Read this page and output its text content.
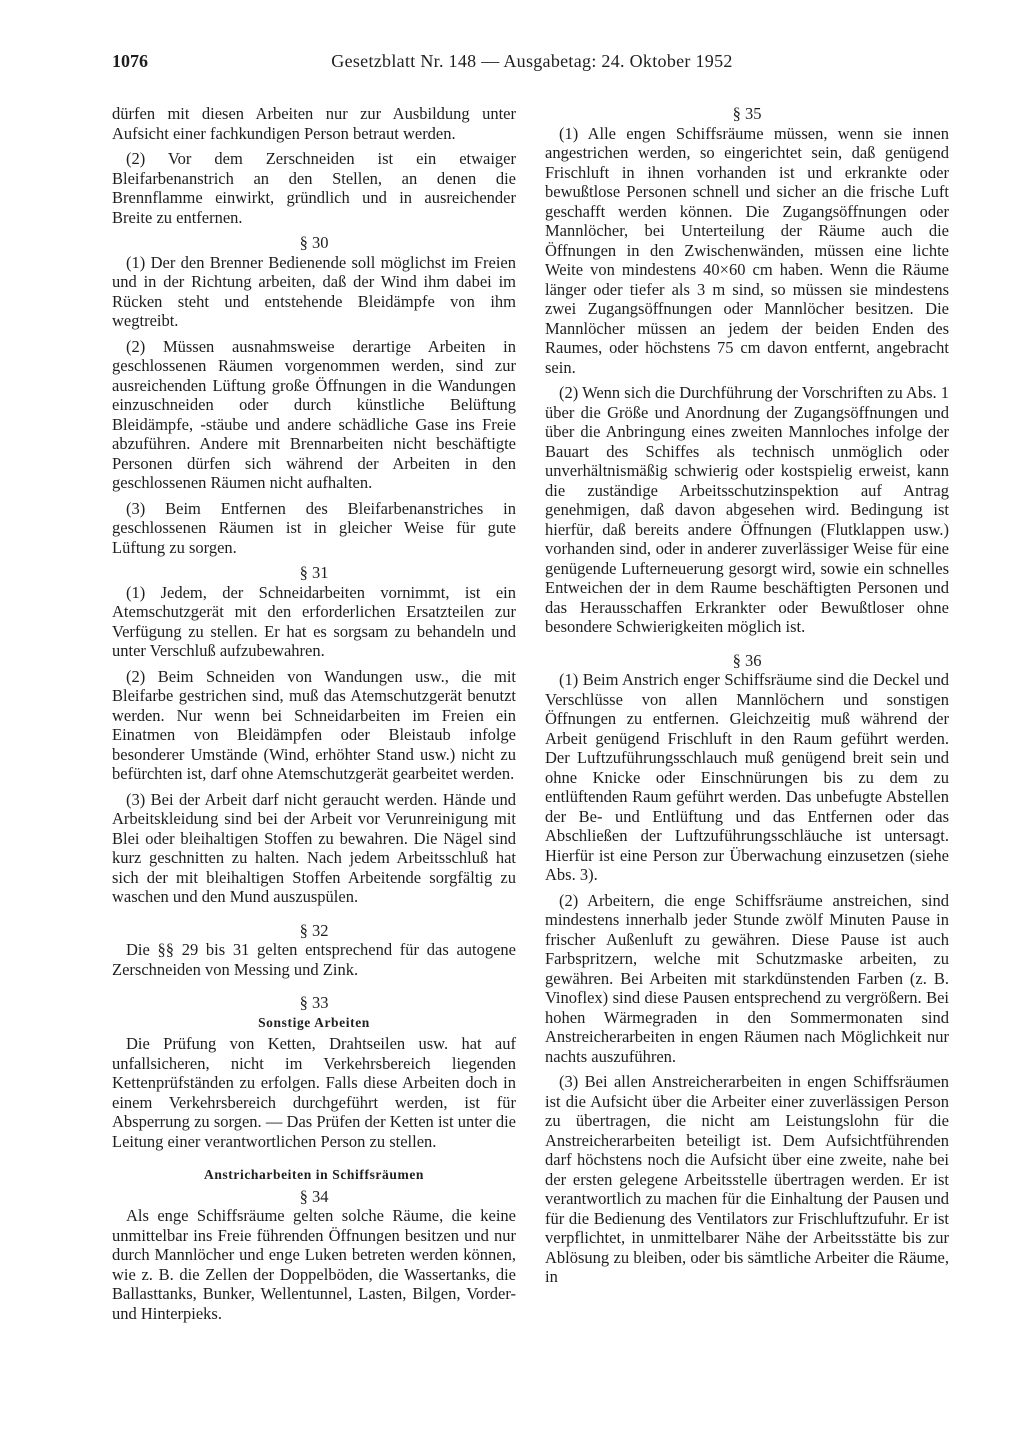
1076	Gesetzblatt Nr. 148 — Ausgabetag: 24. Oktober 1952

dürfen mit diesen Arbeiten nur zur Ausbildung unter Aufsicht einer fachkundigen Person betraut werden.

(2) Vor dem Zerschneiden ist ein etwaiger Bleifarbenanstrich an den Stellen, an denen die Brennflamme einwirkt, gründlich und in ausreichender Breite zu entfernen.

§ 30

(1) Der den Brenner Bedienende soll möglichst im Freien und in der Richtung arbeiten, daß der Wind ihm dabei im Rücken steht und entstehende Bleidämpfe von ihm wegtreibt.

(2) Müssen ausnahmsweise derartige Arbeiten in geschlossenen Räumen vorgenommen werden, sind zur ausreichenden Lüftung große Öffnungen in die Wandungen einzuschneiden oder durch künstliche Belüftung Bleidämpfe, -stäube und andere schädliche Gase ins Freie abzuführen. Andere mit Brennarbeiten nicht beschäftigte Personen dürfen sich während der Arbeiten in den geschlossenen Räumen nicht aufhalten.

(3) Beim Entfernen des Bleifarbenanstriches in geschlossenen Räumen ist in gleicher Weise für gute Lüftung zu sorgen.

§ 31

(1) Jedem, der Schneidarbeiten vornimmt, ist ein Atemschutzgerät mit den erforderlichen Ersatzteilen zur Verfügung zu stellen. Er hat es sorgsam zu behandeln und unter Verschluß aufzubewahren.

(2) Beim Schneiden von Wandungen usw., die mit Bleifarbe gestrichen sind, muß das Atemschutzgerät benutzt werden. Nur wenn bei Schneidarbeiten im Freien ein Einatmen von Bleidämpfen oder Bleistaub infolge besonderer Umstände (Wind, erhöhter Stand usw.) nicht zu befürchten ist, darf ohne Atemschutzgerät gearbeitet werden.

(3) Bei der Arbeit darf nicht geraucht werden. Hände und Arbeitskleidung sind bei der Arbeit vor Verunreinigung mit Blei oder bleihaltigen Stoffen zu bewahren. Die Nägel sind kurz geschnitten zu halten. Nach jedem Arbeitsschluß hat sich der mit bleihaltigen Stoffen Arbeitende sorgfältig zu waschen und den Mund auszuspülen.

§ 32

Die §§ 29 bis 31 gelten entsprechend für das autogene Zerschneiden von Messing und Zink.

§ 33

Sonstige Arbeiten

Die Prüfung von Ketten, Drahtseilen usw. hat auf unfallsicheren, nicht im Verkehrsbereich liegenden Kettenprüfständen zu erfolgen. Falls diese Arbeiten doch in einem Verkehrsbereich durchgeführt werden, ist für Absperrung zu sorgen. — Das Prüfen der Ketten ist unter die Leitung einer verantwortlichen Person zu stellen.

Anstricharbeiten in Schiffsräumen

§ 34

Als enge Schiffsräume gelten solche Räume, die keine unmittelbar ins Freie führenden Öffnungen besitzen und nur durch Mannlöcher und enge Luken betreten werden können, wie z. B. die Zellen der Doppelböden, die Wassertanks, die Ballasttanks, Bunker, Wellentunnel, Lasten, Bilgen, Vorder- und Hinterpieks.

§ 35

(1) Alle engen Schiffsräume müssen, wenn sie innen angestrichen werden, so eingerichtet sein, daß genügend Frischluft in ihnen vorhanden ist und erkrankte oder bewußtlose Personen schnell und sicher an die frische Luft geschafft werden können. Die Zugangsöffnungen oder Mannlöcher, bei Unterteilung der Räume auch die Öffnungen in den Zwischenwänden, müssen eine lichte Weite von mindestens 40×60 cm haben. Wenn die Räume länger oder tiefer als 3 m sind, so müssen sie mindestens zwei Zugangsöffnungen oder Mannlöcher besitzen. Die Mannlöcher müssen an jedem der beiden Enden des Raumes, oder höchstens 75 cm davon entfernt, angebracht sein.

(2) Wenn sich die Durchführung der Vorschriften zu Abs. 1 über die Größe und Anordnung der Zugangsöffnungen und über die Anbringung eines zweiten Mannloches infolge der Bauart des Schiffes als technisch unmöglich oder unverhältnismäßig schwierig oder kostspielig erweist, kann die zuständige Arbeitsschutzinspektion auf Antrag genehmigen, daß davon abgesehen wird. Bedingung ist hierfür, daß bereits andere Öffnungen (Flutklappen usw.) vorhanden sind, oder in anderer zuverlässiger Weise für eine genügende Lufterneuerung gesorgt wird, sowie ein schnelles Entweichen der in dem Raume beschäftigten Personen und das Herausschaffen Erkrankter oder Bewußtloser ohne besondere Schwierigkeiten möglich ist.

§ 36

(1) Beim Anstrich enger Schiffsräume sind die Deckel und Verschlüsse von allen Mannlöchern und sonstigen Öffnungen zu entfernen. Gleichzeitig muß während der Arbeit genügend Frischluft in den Raum geführt werden. Der Luftzuführungsschlauch muß genügend breit sein und ohne Knicke oder Einschnürungen bis zu dem zu entlüftenden Raum geführt werden. Das unbefugte Abstellen der Be- und Entlüftung und das Entfernen oder das Abschließen der Luftzuführungsschläuche ist untersagt. Hierfür ist eine Person zur Überwachung einzusetzen (siehe Abs. 3).

(2) Arbeitern, die enge Schiffsräume anstreichen, sind mindestens innerhalb jeder Stunde zwölf Minuten Pause in frischer Außenluft zu gewähren. Diese Pause ist auch Farbspritzern, welche mit Schutzmaske arbeiten, zu gewähren. Bei Arbeiten mit starkdünstenden Farben (z. B. Vinoflex) sind diese Pausen entsprechend zu vergrößern. Bei hohen Wärmegraden in den Sommermonaten sind Anstreicherarbeiten in engen Räumen nach Möglichkeit nur nachts auszuführen.

(3) Bei allen Anstreicherarbeiten in engen Schiffsräumen ist die Aufsicht über die Arbeiter einer zuverlässigen Person zu übertragen, die nicht am Leistungslohn für die Anstreicherarbeiten beteiligt ist. Dem Aufsichtführenden darf höchstens noch die Aufsicht über eine zweite, nahe bei der ersten gelegene Arbeitsstelle übertragen werden. Er ist verantwortlich zu machen für die Einhaltung der Pausen und für die Bedienung des Ventilators zur Frischluftzufuhr. Er ist verpflichtet, in unmittelbarer Nähe der Arbeitsstätte bis zur Ablösung zu bleiben, oder bis sämtliche Arbeiter die Räume, in
